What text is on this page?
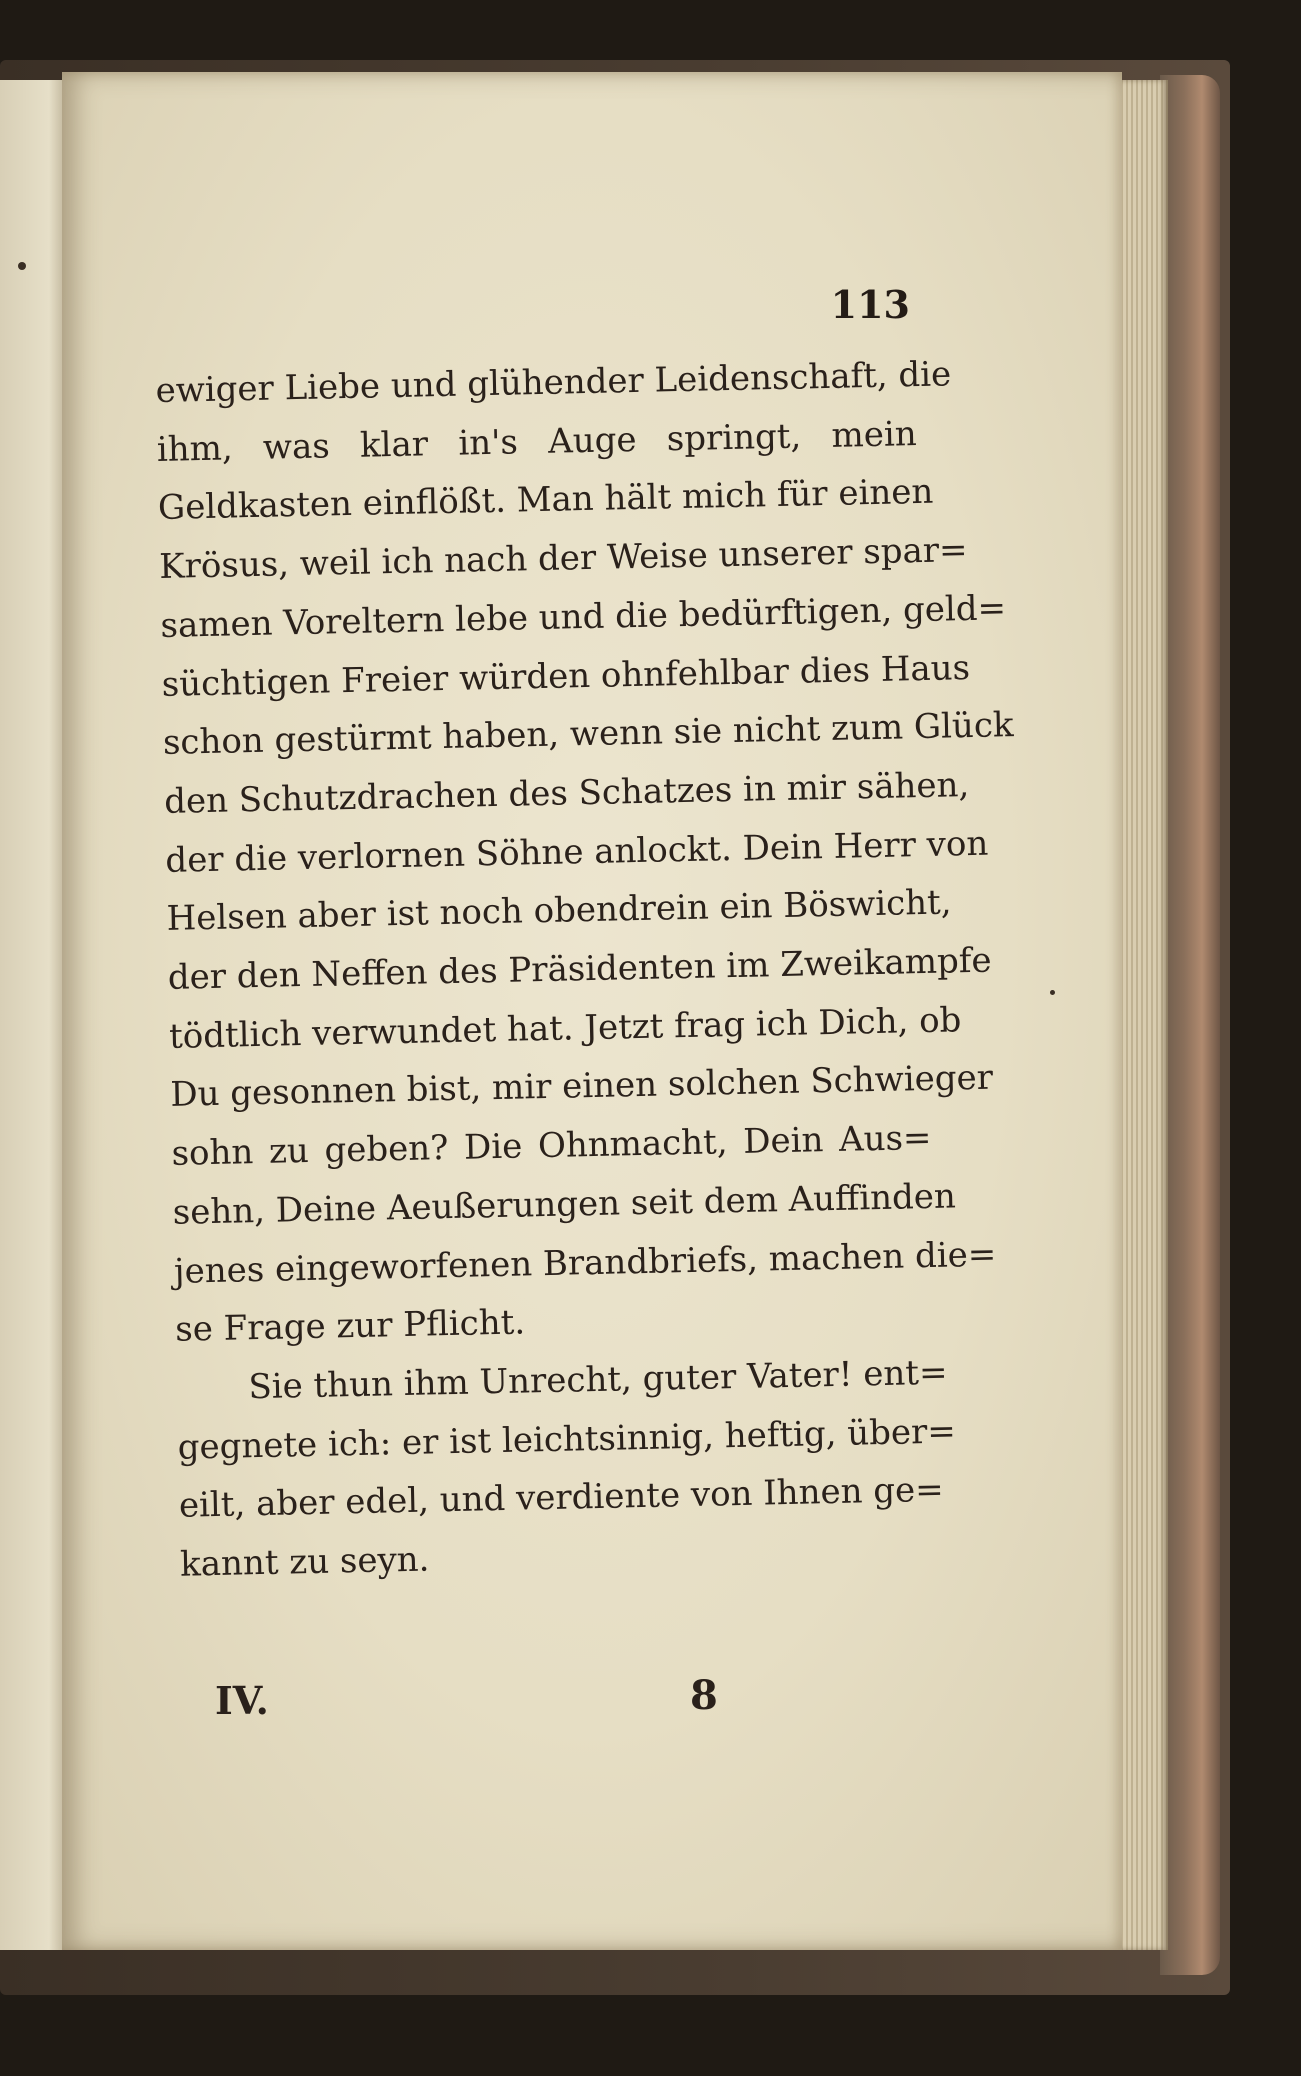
113
ewiger Liebe und glühender Leidenschaft, die
ihm, was klar in's Auge springt, mein
Geldkasten einflößt. Man hält mich für einen
Krösus, weil ich nach der Weise unserer spar=
samen Voreltern lebe und die bedürftigen, geld=
süchtigen Freier würden ohnfehlbar dies Haus
schon gestürmt haben, wenn sie nicht zum Glück
den Schutzdrachen des Schatzes in mir sähen,
der die verlornen Söhne anlockt. Dein Herr von
Helsen aber ist noch obendrein ein Böswicht,
der den Neffen des Präsidenten im Zweikampfe
tödtlich verwundet hat. Jetzt frag ich Dich, ob
Du gesonnen bist, mir einen solchen Schwieger
sohn zu geben? Die Ohnmacht, Dein Aus=
sehn, Deine Aeußerungen seit dem Auffinden
jenes eingeworfenen Brandbriefs, machen die=
se Frage zur Pflicht.
Sie thun ihm Unrecht, guter Vater! ent=
gegnete ich: er ist leichtsinnig, heftig, über=
eilt, aber edel, und verdiente von Ihnen ge=
kannt zu seyn.
IV.	8
